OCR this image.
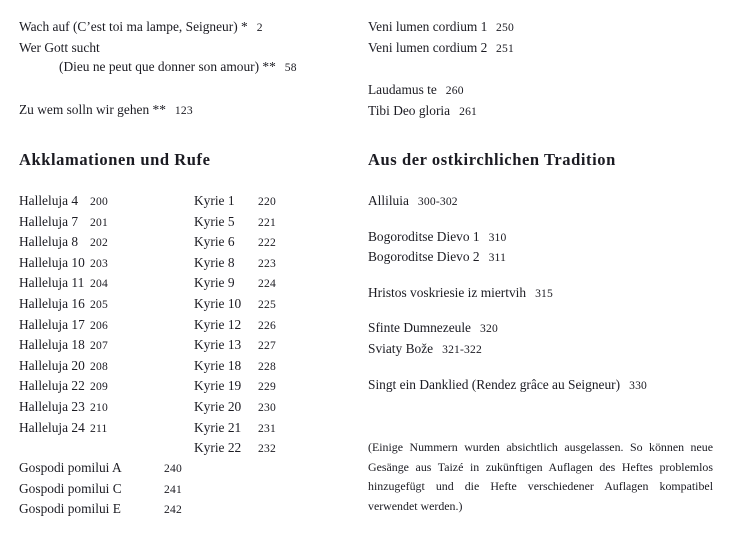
Wach auf (C’est toi ma lampe, Seigneur) * 2
Wer Gott sucht
(Dieu ne peut que donner son amour) ** 58
Zu wem solln wir gehen ** 123
Akklamationen und Rufe
Halleluja 4	200
Halleluja 7	201
Halleluja 8	202
Halleluja 10 203
Halleluja 11 204
Halleluja 16 205
Halleluja 17 206
Halleluja 18 207
Halleluja 20 208
Halleluja 22 209
Halleluja 23 210
Halleluja 24 211
Kyrie 1	220
Kyrie 5	221
Kyrie 6	222
Kyrie 8	223
Kyrie 9	224
Kyrie 10	225
Kyrie 12	226
Kyrie 13	227
Kyrie 18	228
Kyrie 19	229
Kyrie 20	230
Kyrie 21	231
Kyrie 22	232
Gospodi pomilui A	240
Gospodi pomilui C	241
Gospodi pomilui E	242
Veni lumen cordium 1 250
Veni lumen cordium 2 251
Laudamus te 260
Tibi Deo gloria 261
Aus der ostkirchlichen Tradition
Alliluia 300-302
Bogoroditse Dievo 1 310
Bogoroditse Dievo 2 311
Hristos voskriesie iz miertvih 315
Sfinte Dumnezeule 320
Sviaty Bože 321-322
Singt ein Danklied (Rendez grâce au Seigneur) 330
(Einige Nummern wurden absichtlich ausgelassen. So können neue Gesänge aus Taizé in zukünftigen Auflagen des Heftes problemlos hinzugefügt und die Hefte verschiedener Auflagen kompatibel verwendet werden.)
